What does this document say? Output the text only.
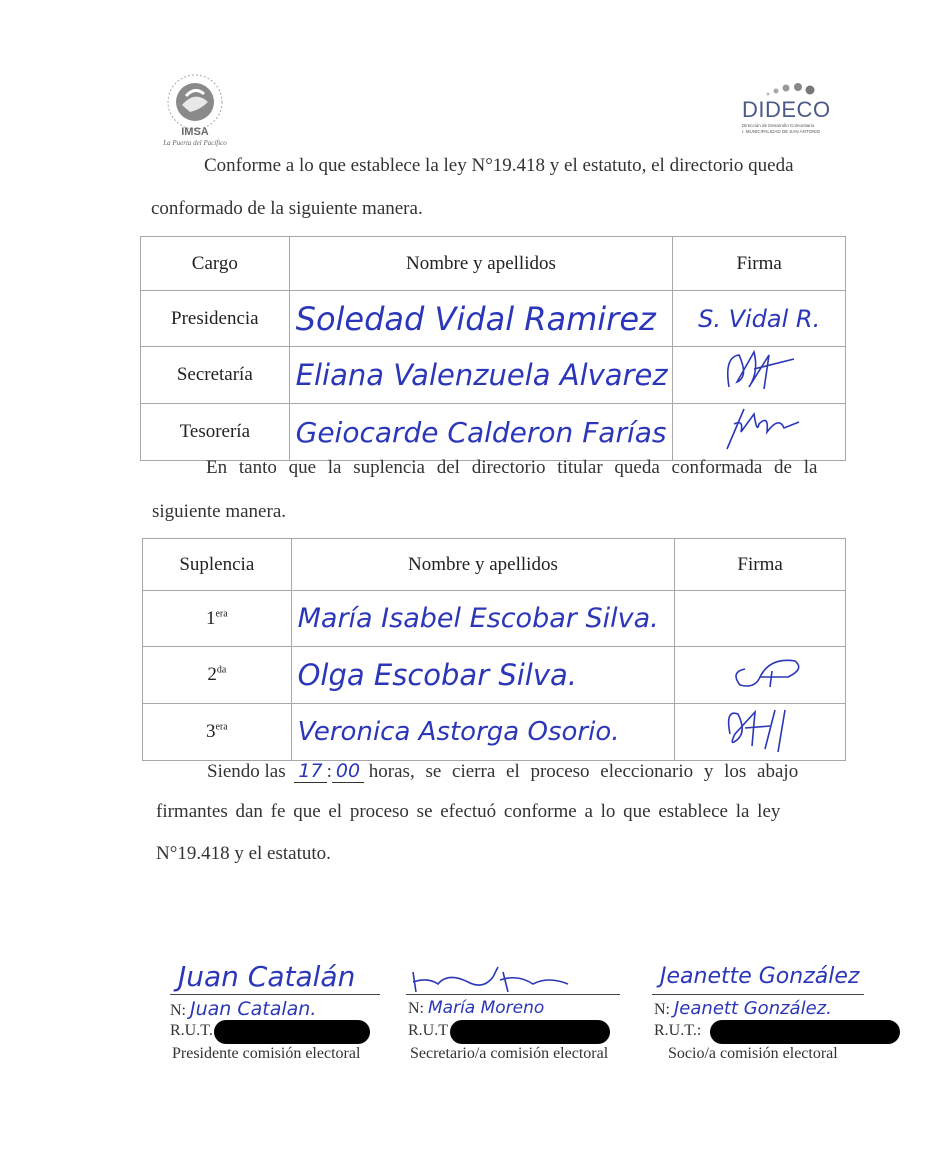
IMSA
La Puerta del Pacífico
DIDECO
Dirección de Desarrollo Comunitario
I. MUNICIPALIDAD DE SAN ANTONIO
Conforme a lo que establece la ley N°19.418 y el estatuto, el directorio queda
conformado de la siguiente manera.
Cargo	Nombre y apellidos	Firma
Presidencia	Soledad Vidal Ramirez	S. Vidal R.
Secretaría	Eliana Valenzuela Alvarez	
Tesorería	Geiocarde Calderon Farías	
En tanto que la suplencia del directorio titular queda conformada de la
siguiente manera.
Suplencia	Nombre y apellidos	Firma
$1^{era}$	María Isabel Escobar Silva.	
$2^{da}$	Olga Escobar Silva.	
$3^{era}$	Veronica Astorga Osorio.	
Siendo las 17 : 00 horas, se cierra el proceso eleccionario y los abajo
firmantes dan fe que el proceso se efectuó conforme a lo que establece la ley
N°19.418 y el estatuto.
Juan Catalán
N: Juan Catalan.
R.U.T.
Presidente comisión electoral
N: María Moreno
R.U.T
Secretario/a comisión electoral
Jeanette González
N: Jeanett González.
R.U.T.:
Socio/a comisión electoral
